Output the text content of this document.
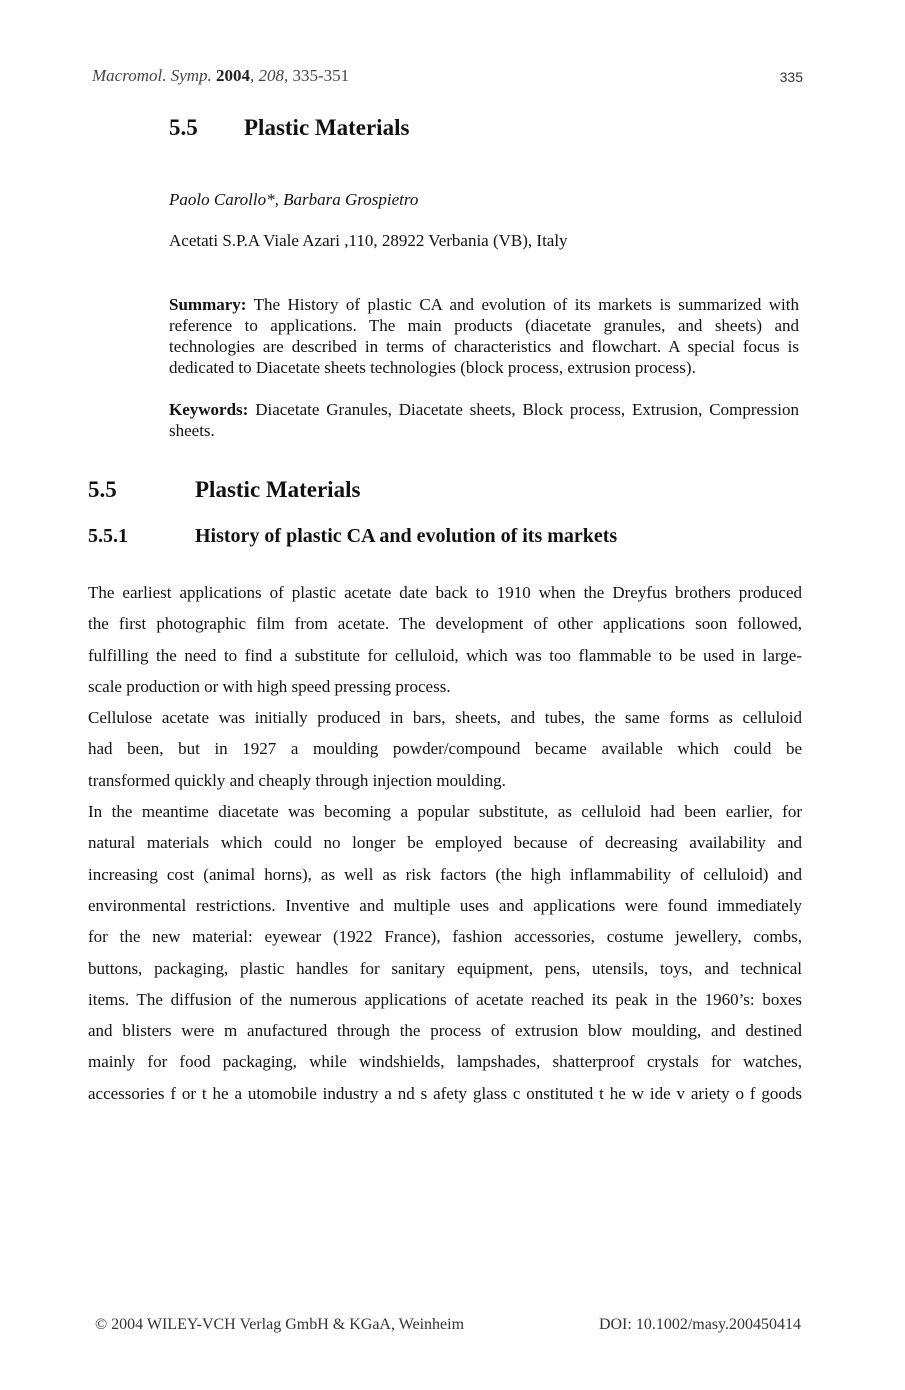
Macromol. Symp. 2004, 208, 335-351	335
5.5 Plastic Materials
Paolo Carollo*, Barbara Grospietro
Acetati S.P.A Viale Azari ,110, 28922 Verbania (VB), Italy
Summary: The History of plastic CA and evolution of its markets is summarized with reference to applications. The main products (diacetate granules, and sheets) and technologies are described in terms of characteristics and flowchart. A special focus is dedicated to Diacetate sheets technologies (block process, extrusion process).
Keywords: Diacetate Granules, Diacetate sheets, Block process, Extrusion, Compression sheets.
5.5	Plastic Materials
5.5.1	History of plastic CA and evolution of its markets
The earliest applications of plastic acetate date back to 1910 when the Dreyfus brothers produced
the first photographic film from acetate. The development of other applications soon followed,
fulfilling the need to find a substitute for celluloid, which was too flammable to be used in large-
scale production or with high speed pressing process.
Cellulose acetate was initially produced in bars, sheets, and tubes, the same forms as celluloid
had been, but in 1927 a moulding powder/compound became available which could be
transformed quickly and cheaply through injection moulding.
In the meantime diacetate was becoming a popular substitute, as celluloid had been earlier, for
natural materials which could no longer be employed because of decreasing availability and
increasing cost (animal horns), as well as risk factors (the high inflammability of celluloid) and
environmental restrictions. Inventive and multiple uses and applications were found immediately
for the new material: eyewear (1922 France), fashion accessories, costume jewellery, combs,
buttons, packaging, plastic handles for sanitary equipment, pens, utensils, toys, and technical
items. The diffusion of the numerous applications of acetate reached its peak in the 1960’s: boxes
and blisters were m anufactured through the process of extrusion blow moulding, and destined
mainly for food packaging, while windshields, lampshades, shatterproof crystals for watches,
accessories f or t he a utomobile industry a nd s afety glass c onstituted t he w ide v ariety o f goods
© 2004 WILEY-VCH Verlag GmbH & KGaA, Weinheim	DOI: 10.1002/masy.200450414
